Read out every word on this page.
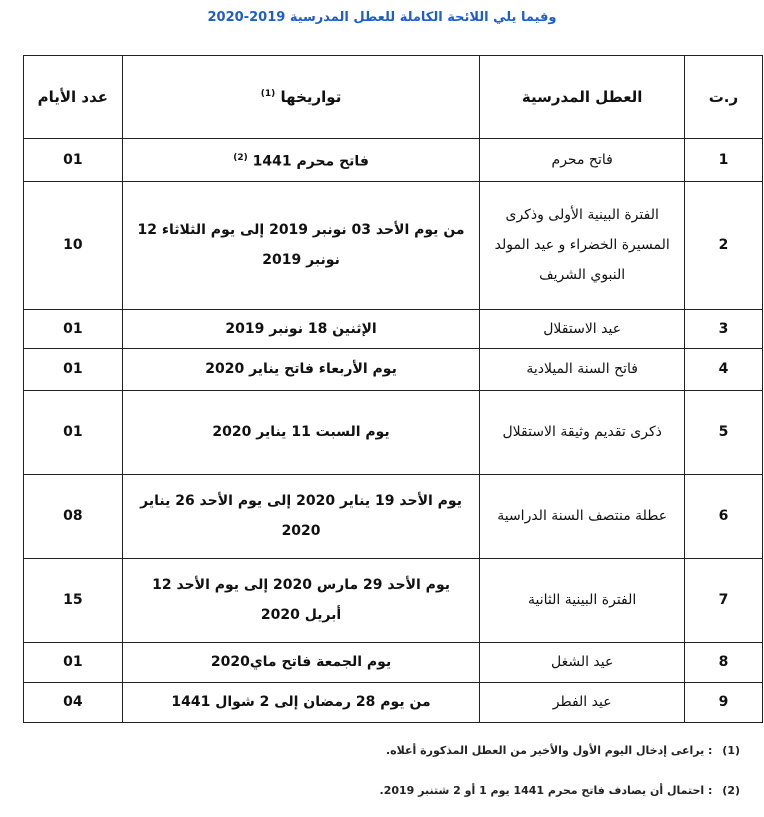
وفيما يلي اللائحة الكاملة للعطل المدرسية 2019-2020
ر.ت	العطل المدرسية	تواريخها $^{(1)}$	عدد الأيام
1	فاتح محرم	فاتح محرم 1441 $^{(2)}$	01
2	الفترة البينية الأولى وذكرى المسيرة الخضراء و عيد المولد النبوي الشريف	من يوم الأحد 03 نونبر 2019 إلى يوم الثلاثاء 12 نونبر 2019	10
3	عيد الاستقلال	الإثنين 18 نونبر 2019	01
4	فاتح السنة الميلادية	يوم الأربعاء فاتح يناير 2020	01
5	ذكرى تقديم وثيقة الاستقلال	يوم السبت 11 يناير 2020	01
6	عطلة منتصف السنة الدراسية	يوم الأحد 19 يناير 2020 إلى يوم الأحد 26 يناير 2020	08
7	الفترة البينية الثانية	يوم الأحد 29 مارس 2020 إلى يوم الأحد 12 أبريل 2020	15
8	عيد الشغل	يوم الجمعة فاتح ماي2020	01
9	عيد الفطر	من يوم 28 رمضان إلى 2 شوال 1441	04
(1) : يراعى إدخال اليوم الأول والأخير من العطل المذكورة أعلاه.
(2) : احتمال أن يصادف فاتح محرم 1441 يوم 1 أو 2 شتنبر 2019.
